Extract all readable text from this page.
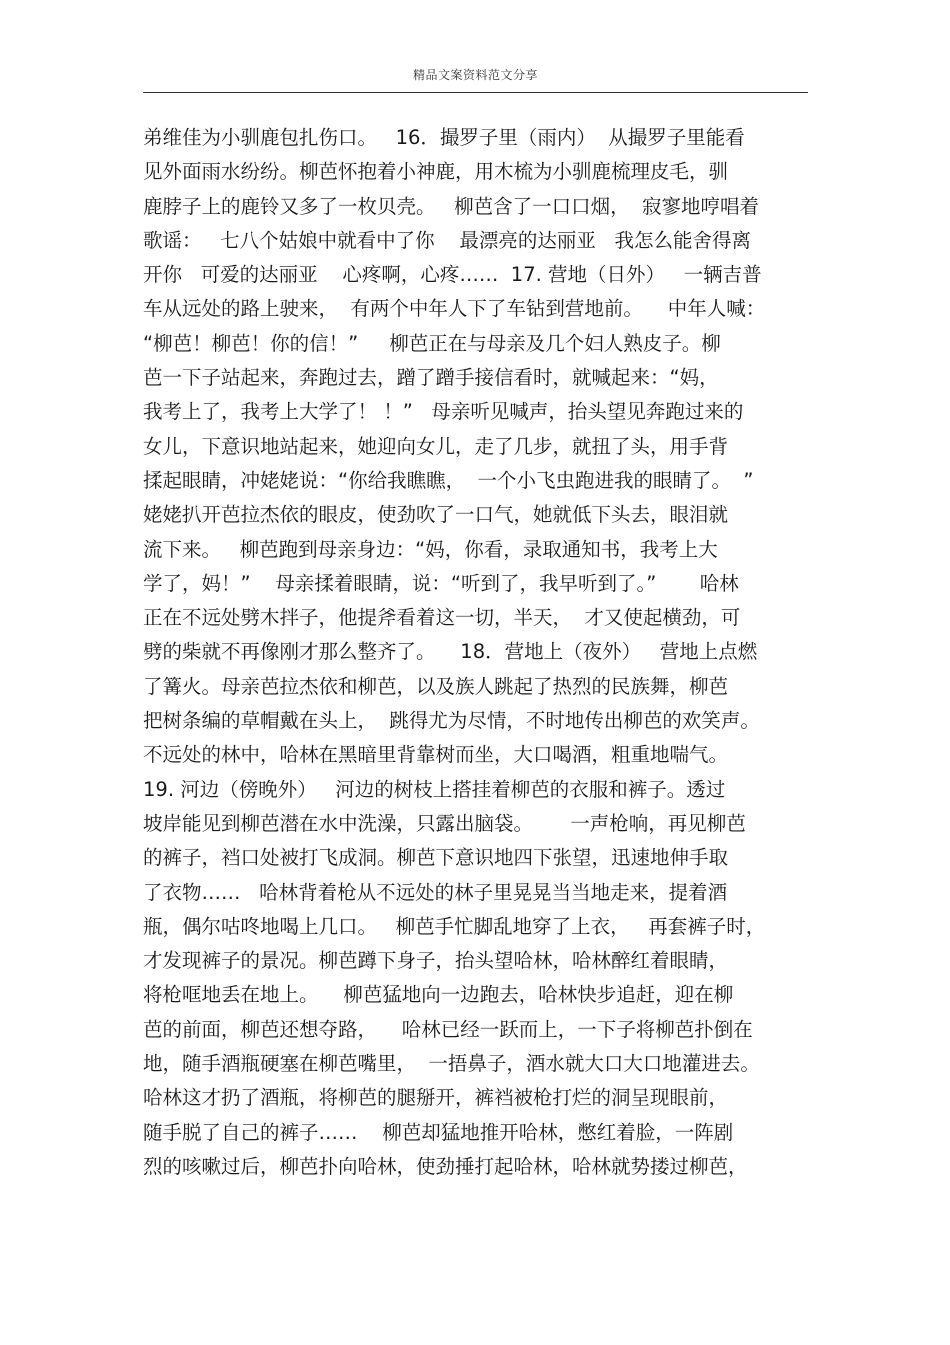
精品文案资料范文分享
弟维佳为小驯鹿包扎伤口。   16．撮罗子里（雨内）  从撮罗子里能看
见外面雨水纷纷。柳芭怀抱着小神鹿，用木梳为小驯鹿梳理皮毛，驯
鹿脖子上的鹿铃又多了一枚贝壳。   柳芭含了一口口烟，  寂寥地哼唱着
歌谣：   七八个姑娘中就看中了你    最漂亮的达丽亚   我怎么能舍得离
开你   可爱的达丽亚    心疼啊，心疼……  17. 营地（日外）   一辆吉普
车从远处的路上驶来，  有两个中年人下了车钻到营地前。    中年人喊：
“柳芭！柳芭！你的信！”     柳芭正在与母亲及几个妇人熟皮子。柳
芭一下子站起来，奔跑过去，蹭了蹭手接信看时，就喊起来：“妈，
我考上了，我考上大学了！ ！”   母亲听见喊声，抬头望见奔跑过来的
女儿，下意识地站起来，她迎向女儿，走了几步，就扭了头，用手背
揉起眼睛，冲姥姥说：“你给我瞧瞧，  一个小飞虫跑进我的眼睛了。  ”
姥姥扒开芭拉杰依的眼皮，使劲吹了一口气，她就低下头去，眼泪就
流下来。   柳芭跑到母亲身边：“妈，你看，录取通知书，我考上大
学了，妈！”    母亲揉着眼睛，说：“听到了，我早听到了。”       哈林
正在不远处劈木拌子，他提斧看着这一切，半天，  才又使起横劲，可
劈的柴就不再像刚才那么整齐了。    18．营地上（夜外）   营地上点燃
了篝火。母亲芭拉杰依和柳芭，以及族人跳起了热烈的民族舞，柳芭
把树条编的草帽戴在头上，  跳得尤为尽情，不时地传出柳芭的欢笑声。
不远处的林中，哈林在黑暗里背靠树而坐，大口喝酒，粗重地喘气。
19. 河边（傍晚外）   河边的树枝上搭挂着柳芭的衣服和裤子。透过
坡岸能见到柳芭潜在水中洗澡，只露出脑袋。      一声枪响，再见柳芭
的裤子，裆口处被打飞成洞。柳芭下意识地四下张望，迅速地伸手取
了衣物……   哈林背着枪从不远处的林子里晃晃当当地走来，提着酒
瓶，偶尔咕咚地喝上几口。   柳芭手忙脚乱地穿了上衣，   再套裤子时，
才发现裤子的景况。柳芭蹲下身子，抬头望哈林，哈林醉红着眼睛，
将枪哐地丢在地上。    柳芭猛地向一边跑去，哈林快步追赶，迎在柳
芭的前面，柳芭还想夺路，    哈林已经一跃而上，一下子将柳芭扑倒在
地，随手酒瓶硬塞在柳芭嘴里，  一捂鼻子，酒水就大口大口地灌进去。
哈林这才扔了酒瓶，将柳芭的腿掰开，裤裆被枪打烂的洞呈现眼前，
随手脱了自己的裤子……    柳芭却猛地推开哈林，憋红着脸，一阵剧
烈的咳嗽过后，柳芭扑向哈林，使劲捶打起哈林，哈林就势搂过柳芭，
